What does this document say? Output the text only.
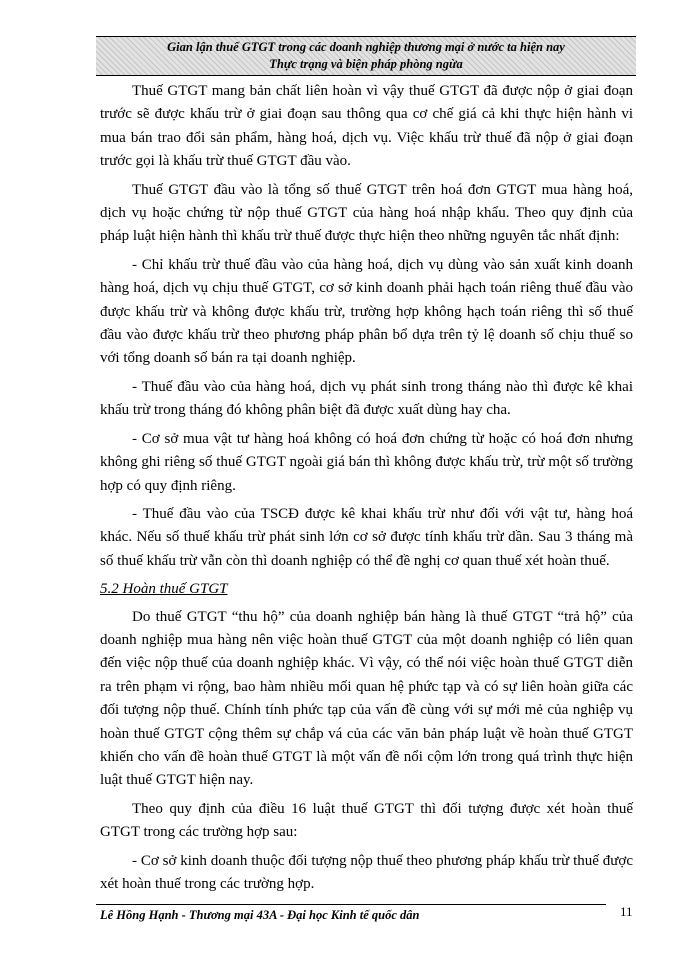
Gian lận thuế GTGT trong các doanh nghiệp thương mại ở nước ta hiện nay
Thực trạng và biện pháp phòng ngừa

Thuế GTGT mang bản chất liên hoàn vì vậy thuế GTGT đã được nộp ở giai đoạn trước sẽ được khấu trừ ở giai đoạn sau thông qua cơ chế giá cả khi thực hiện hành vi mua bán trao đổi sản phẩm, hàng hoá, dịch vụ. Việc khấu trừ thuế đã nộp ở giai đoạn trước gọi là khấu trừ thuế GTGT đầu vào.

Thuế GTGT đầu vào là tổng số thuế GTGT trên hoá đơn GTGT mua hàng hoá, dịch vụ hoặc chứng từ nộp thuế GTGT của hàng hoá nhập khẩu. Theo quy định của pháp luật hiện hành thì khấu trừ thuế được thực hiện theo những nguyên tắc nhất định:

- Chỉ khấu trừ thuế đầu vào của hàng hoá, dịch vụ dùng vào sản xuất kinh doanh hàng hoá, dịch vụ chịu thuế GTGT, cơ sở kinh doanh phải hạch toán riêng thuế đầu vào được khấu trừ và không được khấu trừ, trường hợp không hạch toán riêng thì số thuế đầu vào được khấu trừ theo phương pháp phân bổ dựa trên tỷ lệ doanh số chịu thuế so với tổng doanh số bán ra tại doanh nghiệp.

- Thuế đầu vào của hàng hoá, dịch vụ phát sinh trong tháng nào thì được kê khai khấu trừ trong tháng đó không phân biệt đã được xuất dùng hay cha.

- Cơ sở mua vật tư hàng hoá không có hoá đơn chứng từ hoặc có hoá đơn nhưng không ghi riêng số thuế GTGT ngoài giá bán thì không được khấu trừ, trừ một số trường hợp có quy định riêng.

- Thuế đầu vào của TSCĐ được kê khai khấu trừ như đối với vật tư, hàng hoá khác. Nếu số thuế khấu trừ phát sinh lớn cơ sở được tính khấu trừ dần. Sau 3 tháng mà số thuế khấu trừ vẫn còn thì doanh nghiệp có thể đề nghị cơ quan thuế xét hoàn thuế.

5.2 Hoàn thuế GTGT

Do thuế GTGT “thu hộ” của doanh nghiệp bán hàng là thuế GTGT “trả hộ” của doanh nghiệp mua hàng nên việc hoàn thuế GTGT của một doanh nghiệp có liên quan đến việc nộp thuế của doanh nghiệp khác. Vì vậy, có thể nói việc hoàn thuế GTGT diễn ra trên phạm vi rộng, bao hàm nhiều mối quan hệ phức tạp và có sự liên hoàn giữa các đối tượng nộp thuế. Chính tính phức tạp của vấn đề cùng với sự mới mẻ của nghiệp vụ hoàn thuế GTGT cộng thêm sự chắp vá của các văn bản pháp luật về hoàn thuế GTGT khiến cho vấn đề hoàn thuế GTGT là một vấn đề nổi cộm lớn trong quá trình thực hiện luật thuế GTGT hiện nay.

Theo quy định của điều 16 luật thuế GTGT thì đối tượng được xét hoàn thuế GTGT trong các trường hợp sau:

- Cơ sở kinh doanh thuộc đối tượng nộp thuế theo phương pháp khấu trừ thuế được xét hoàn thuế trong các trường hợp.

Lê Hồng Hạnh - Thương mại 43A - Đại học Kinh tế quốc dân	11
